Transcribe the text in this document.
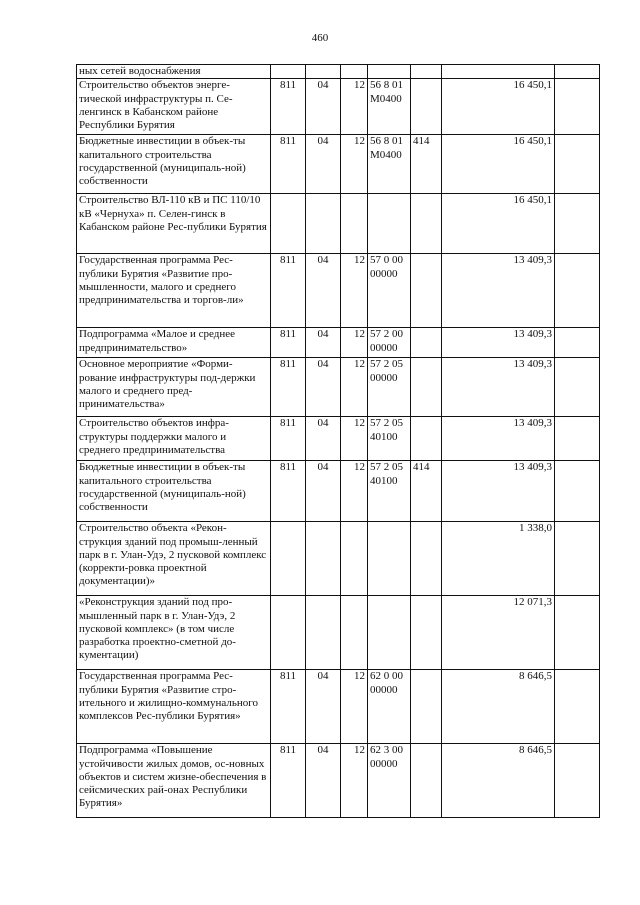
460
ных сетей водоснабжения							

Строительство объектов энерге-тической инфраструктуры п. Се-ленгинск в Кабанском районе Республики Бурятия	811	04	12	56 8 01 М0400		16 450,1	

Бюджетные инвестиции в объек-ты капитального строительства государственной (муниципаль-ной) собственности	811	04	12	56 8 01 М0400	414	16 450,1	

Строительство ВЛ-110 кВ и ПС 110/10 кВ «Чернуха» п. Селен-гинск в Кабанском районе Рес-публики Бурятия						16 450,1	

Государственная программа Рес-публики Бурятия «Развитие про-мышленности, малого и среднего предпринимательства и торгов-ли»	811	04	12	57 0 00 00000		13 409,3	

Подпрограмма «Малое и среднее предпринимательство»	811	04	12	57 2 00 00000		13 409,3	

Основное мероприятие «Форми-рование инфраструктуры под-держки малого и среднего пред-принимательства»	811	04	12	57 2 05 00000		13 409,3	

Строительство объектов инфра-структуры поддержки малого и среднего предпринимательства	811	04	12	57 2 05 40100		13 409,3	

Бюджетные инвестиции в объек-ты капитального строительства государственной (муниципаль-ной) собственности	811	04	12	57 2 05 40100	414	13 409,3	

Строительство объекта «Рекон-струкция зданий под промыш-ленный парк в г. Улан-Удэ, 2 пусковой комплекс (корректи-ровка проектной документации)»						1 338,0	

«Реконструкция зданий под про-мышленный парк в г. Улан-Удэ, 2 пусковой комплекс» (в том числе разработка проектно-сметной до-кументации)						12 071,3	

Государственная программа Рес-публики Бурятия «Развитие стро-ительного и жилищно-коммунального комплексов Рес-публики Бурятия»	811	04	12	62 0 00 00000		8 646,5	

Подпрограмма «Повышение устойчивости жилых домов, ос-новных объектов и систем жизне-обеспечения в сейсмических рай-онах Республики Бурятия»	811	04	12	62 3 00 00000		8 646,5	
